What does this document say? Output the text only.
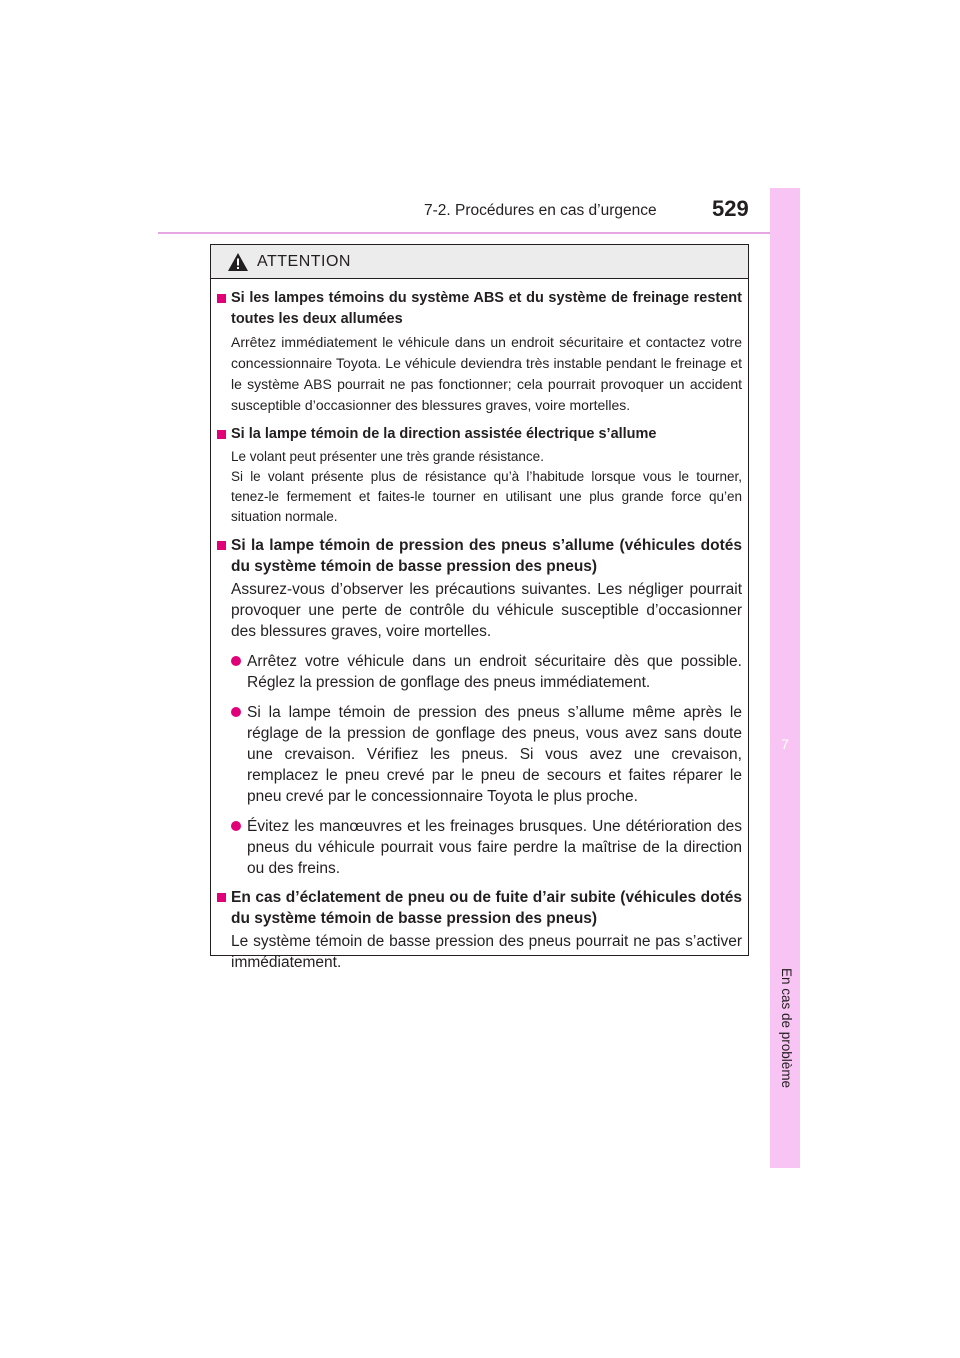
7-2. Procédures en cas d’urgence	529
7
En cas de problème
ATTENTION
Si les lampes témoins du système ABS et du système de freinage restent toutes les deux allumées
Arrêtez immédiatement le véhicule dans un endroit sécuritaire et contactez votre concessionnaire Toyota. Le véhicule deviendra très instable pendant le freinage et le système ABS pourrait ne pas fonctionner; cela pourrait provoquer un accident susceptible d’occasionner des blessures graves, voire mortelles.
Si la lampe témoin de la direction assistée électrique s’allume
Le volant peut présenter une très grande résistance.
Si le volant présente plus de résistance qu’à l’habitude lorsque vous le tourner, tenez-le fermement et faites-le tourner en utilisant une plus grande force qu’en situation normale.
Si la lampe témoin de pression des pneus s’allume (véhicules dotés du système témoin de basse pression des pneus)
Assurez-vous d’observer les précautions suivantes. Les négliger pourrait provoquer une perte de contrôle du véhicule susceptible d’occasionner des blessures graves, voire mortelles.
Arrêtez votre véhicule dans un endroit sécuritaire dès que possible. Réglez la pression de gonflage des pneus immédiatement.
Si la lampe témoin de pression des pneus s’allume même après le réglage de la pression de gonflage des pneus, vous avez sans doute une crevaison. Vérifiez les pneus. Si vous avez une crevaison, remplacez le pneu crevé par le pneu de secours et faites réparer le pneu crevé par le concessionnaire Toyota le plus proche.
Évitez les manœuvres et les freinages brusques. Une détérioration des pneus du véhicule pourrait vous faire perdre la maîtrise de la direction ou des freins.
En cas d’éclatement de pneu ou de fuite d’air subite (véhicules dotés du système témoin de basse pression des pneus)
Le système témoin de basse pression des pneus pourrait ne pas s’activer immédiatement.
